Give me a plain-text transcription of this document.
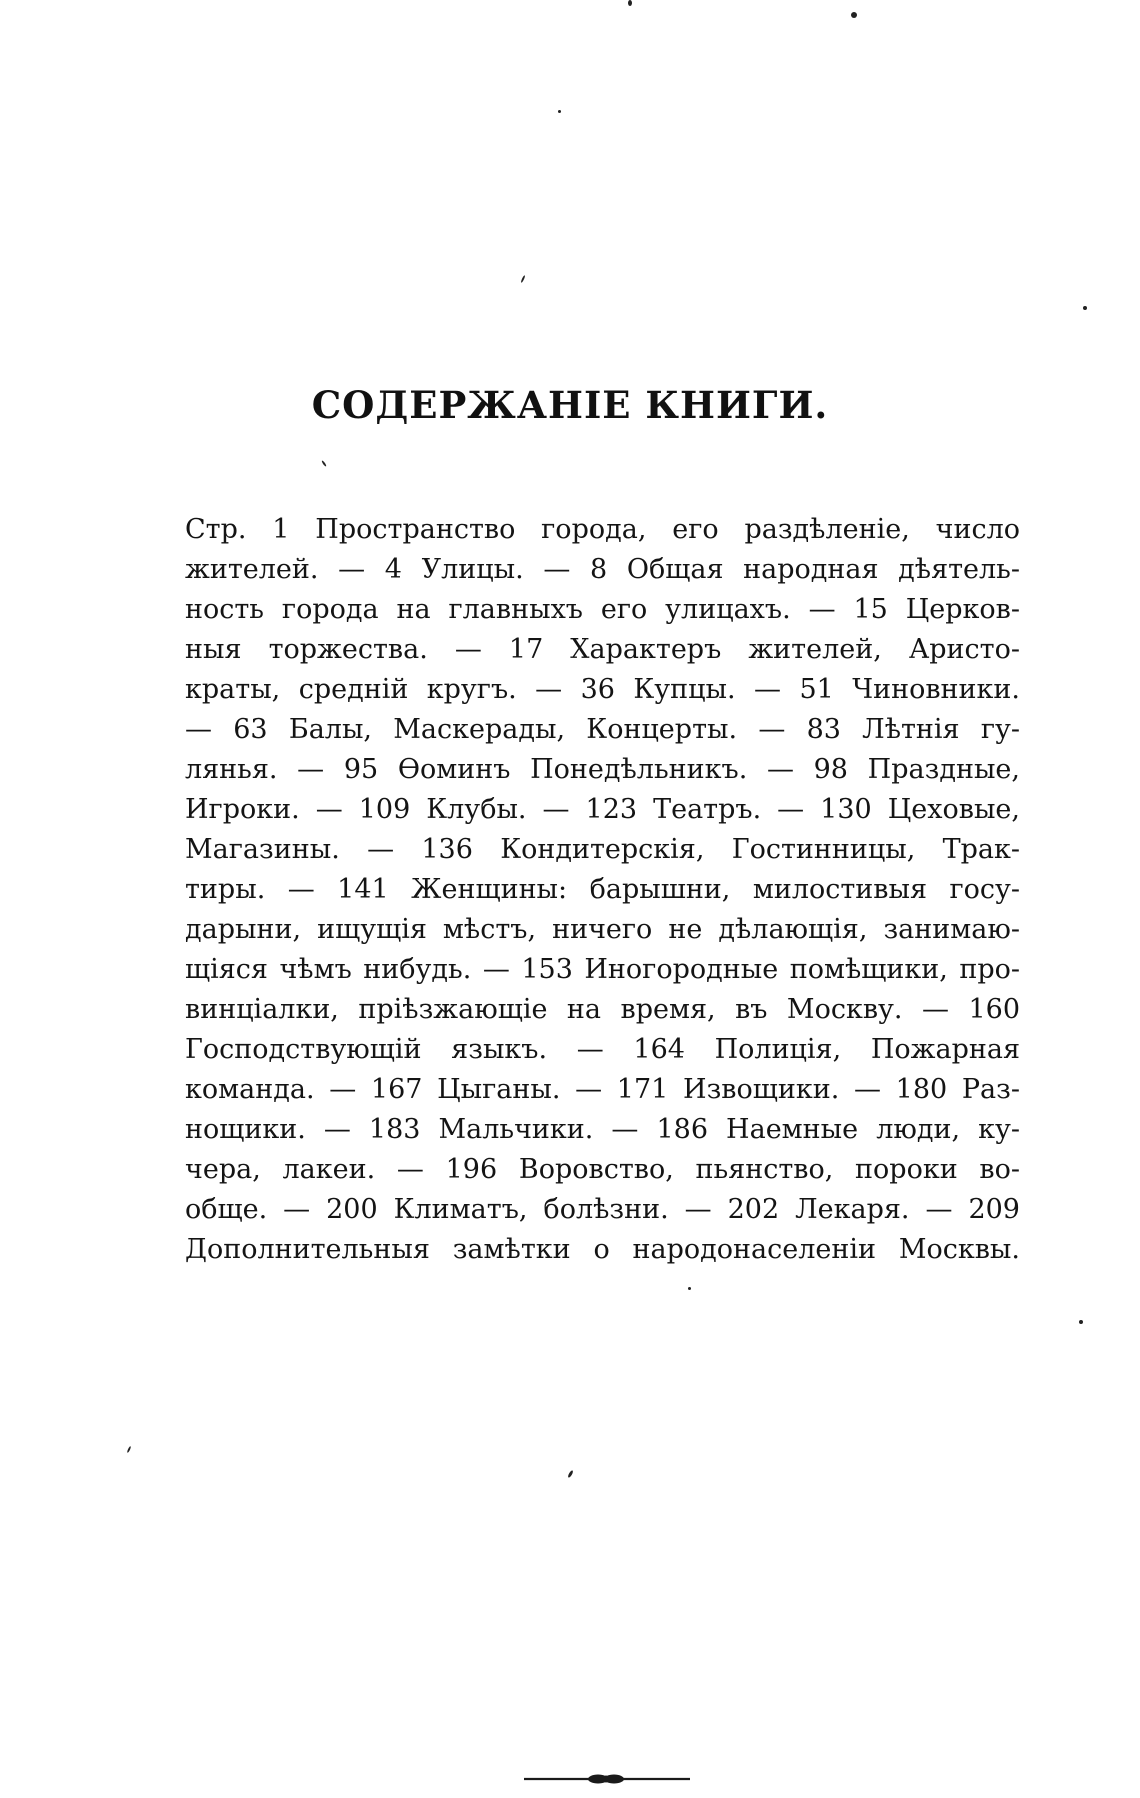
СОДЕРЖАНІЕ КНИГИ.
Стр. 1 Пространство города, его раздѣленіе, число
жителей. — 4 Улицы. — 8 Общая народная дѣятель-
ность города на главныхъ его улицахъ. — 15 Церков-
ныя торжества. — 17 Характеръ жителей, Аристо-
краты, средній кругъ. — 36 Купцы. — 51 Чиновники.
— 63 Балы, Маскерады, Концерты. — 83 Лѣтнія гу-
лянья. — 95 Ѳоминъ Понедѣльникъ. — 98 Праздные,
Игроки. — 109 Клубы. — 123 Театръ. — 130 Цеховые,
Магазины. — 136 Кондитерскія, Гостинницы, Трак-
тиры. — 141 Женщины: барышни, милостивыя госу-
дарыни, ищущія мѣстъ, ничего не дѣлающія, занимаю-
щіяся чѣмъ нибудь. — 153 Иногородные помѣщики, про-
винціалки, пріѣзжающіе на время, въ Москву. — 160
Господствующій языкъ. — 164 Полиція, Пожарная
команда. — 167 Цыганы. — 171 Извощики. — 180 Раз-
нощики. — 183 Мальчики. — 186 Наемные люди, ку-
чера, лакеи. — 196 Воровство, пьянство, пороки во-
обще. — 200 Климатъ, болѣзни. — 202 Лекаря. — 209
Дополнительныя замѣтки о народонаселеніи Москвы.
